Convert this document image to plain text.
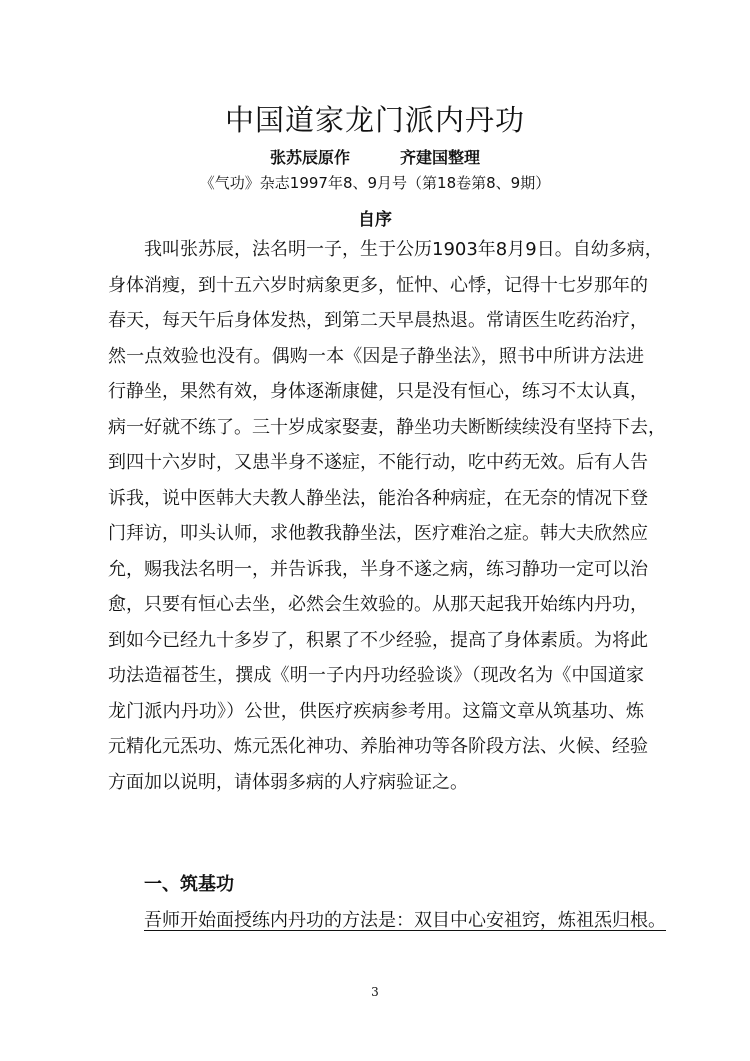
中国道家龙门派内丹功
张苏辰原作	齐建国整理
《气功》杂志1997年8、9月号（第18卷第8、9期）
自序
我叫张苏辰，法名明一子，生于公历1903年8月9日。自幼多病，
身体消瘦，到十五六岁时病象更多，怔忡、心悸，记得十七岁那年的
春天，每天午后身体发热，到第二天早晨热退。常请医生吃药治疗，
然一点效验也没有。偶购一本《因是子静坐法》，照书中所讲方法进
行静坐，果然有效，身体逐渐康健，只是没有恒心，练习不太认真，
病一好就不练了。三十岁成家娶妻，静坐功夫断断续续没有坚持下去，
到四十六岁时，又患半身不遂症，不能行动，吃中药无效。后有人告
诉我，说中医韩大夫教人静坐法，能治各种病症，在无奈的情况下登
门拜访，叩头认师，求他教我静坐法，医疗难治之症。韩大夫欣然应
允，赐我法名明一，并告诉我，半身不遂之病，练习静功一定可以治
愈，只要有恒心去坐，必然会生效验的。从那天起我开始练内丹功，
到如今已经九十多岁了，积累了不少经验，提高了身体素质。为将此
功法造福苍生，撰成《明一子内丹功经验谈》（现改名为《中国道家
龙门派内丹功》）公世，供医疗疾病参考用。这篇文章从筑基功、炼
元精化元炁功、炼元炁化神功、养胎神功等各阶段方法、火候、经验
方面加以说明，请体弱多病的人疗病验证之。
一、筑基功
吾师开始面授练内丹功的方法是：双目中心安祖窍，炼祖炁归根。
3
